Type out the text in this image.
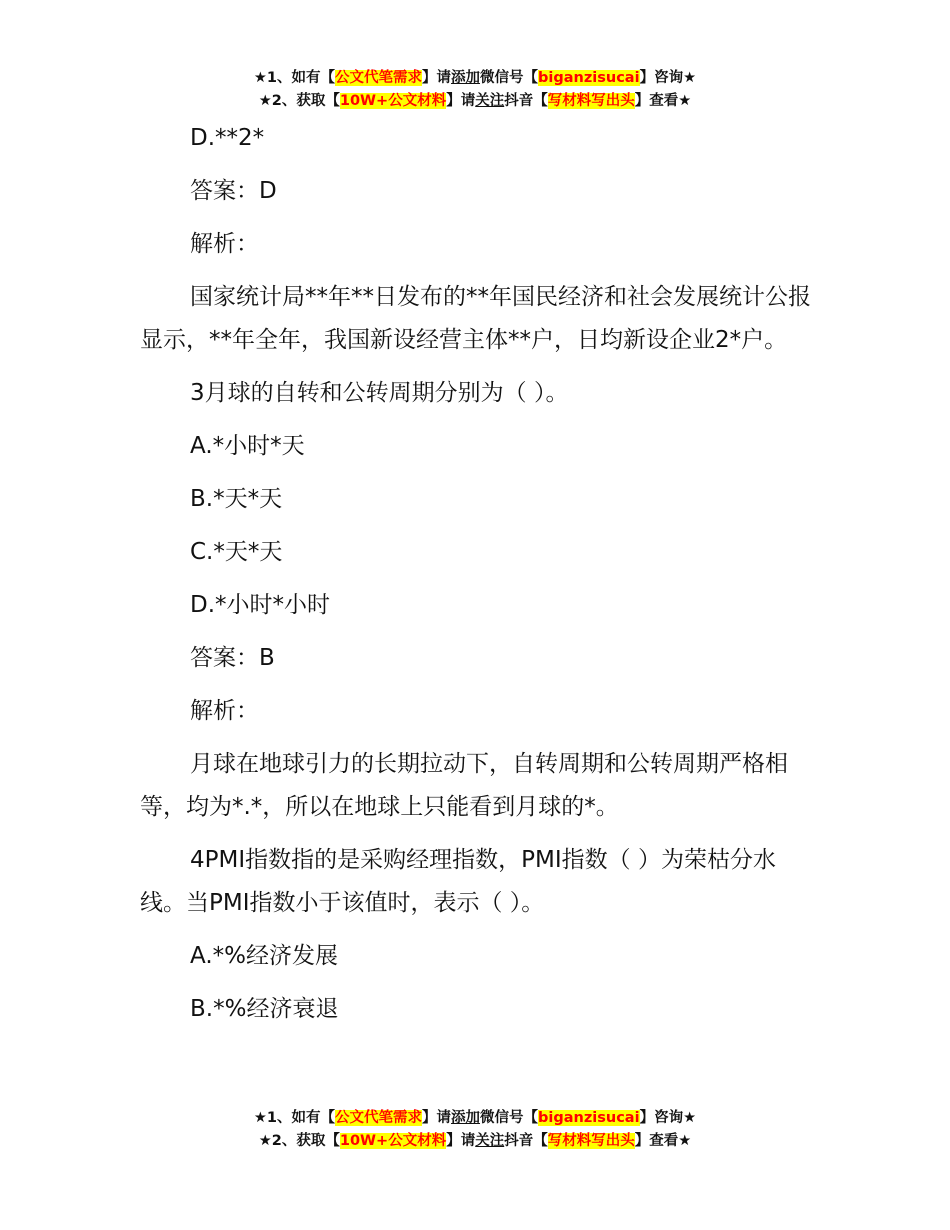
★1、如有【公文代笔需求】请添加微信号【biganzisucai】咨询★
★2、获取【10W+公文材料】请关注抖音【写材料写出头】查看★

D.**2*

答案：D

解析：

国家统计局**年**日发布的**年国民经济和社会发展统计公报显示，**年全年，我国新设经营主体**户，日均新设企业2*户。

3月球的自转和公转周期分别为（ ）。

A.*小时*天

B.*天*天

C.*天*天

D.*小时*小时

答案：B

解析：

月球在地球引力的长期拉动下，自转周期和公转周期严格相等，均为*.*，所以在地球上只能看到月球的*。

4PMI指数指的是采购经理指数，PMI指数（ ）为荣枯分水线。当PMI指数小于该值时，表示（ ）。

A.*%经济发展

B.*%经济衰退

★1、如有【公文代笔需求】请添加微信号【biganzisucai】咨询★
★2、获取【10W+公文材料】请关注抖音【写材料写出头】查看★
